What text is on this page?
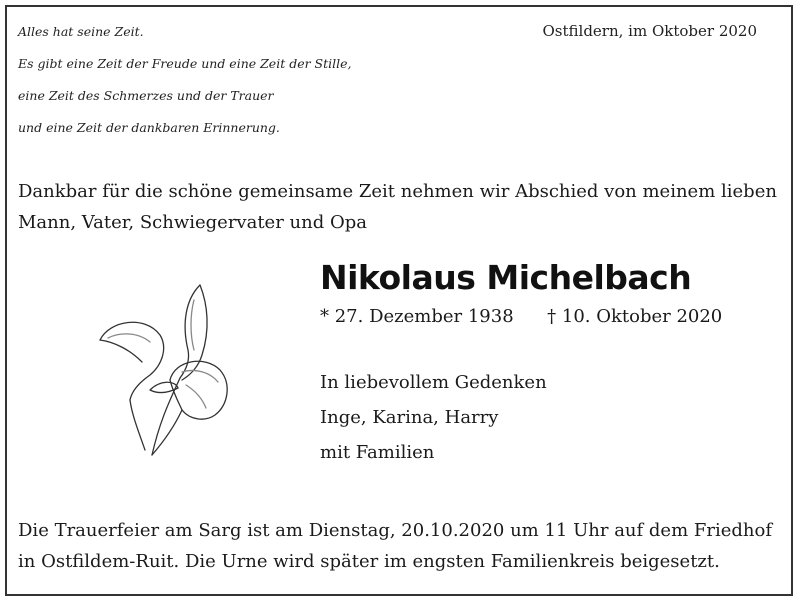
Alles hat seine Zeit.
Es gibt eine Zeit der Freude und eine Zeit der Stille,
eine Zeit des Schmerzes und der Trauer
und eine Zeit der dankbaren Erinnerung.
Ostfildern, im Oktober 2020
Dankbar für die schöne gemeinsame Zeit nehmen wir Abschied von meinem lieben Mann, Vater, Schwiegervater und Opa
Nikolaus Michelbach
* 27. Dezember 1938 † 10. Oktober 2020
In liebevollem Gedenken
Inge, Karina, Harry
mit Familien
Die Trauerfeier am Sarg ist am Dienstag, 20.10.2020 um 11 Uhr auf dem Friedhof in Ostfildem-Ruit. Die Urne wird später im engsten Familienkreis beigesetzt.
